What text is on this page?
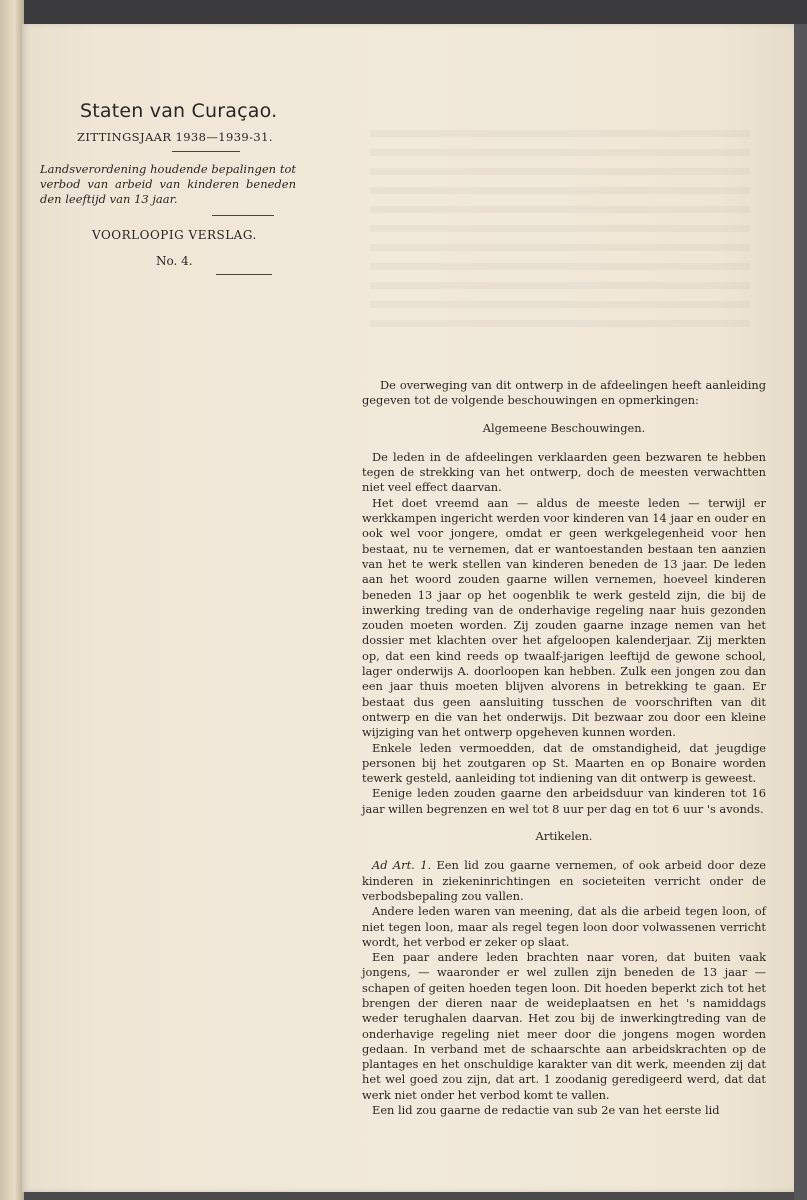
Staten van Curaçao.
ZITTINGSJAAR 1938—1939-31.
Landsverordening houdende bepalingen tot verbod van arbeid van kinderen beneden den leeftijd van 13 jaar.
VOORLOOPIG VERSLAG.
No. 4.

De overweging van dit ontwerp in de afdeelingen heeft aanleiding gegeven tot de volgende beschouwingen en opmerkingen:

Algemeene Beschouwingen.

De leden in de afdeelingen verklaarden geen bezwaren te hebben tegen de strekking van het ontwerp, doch de meesten verwachtten niet veel effect daarvan.

Het doet vreemd aan — aldus de meeste leden — terwijl er werkkampen ingericht werden voor kinderen van 14 jaar en ouder en ook wel voor jongere, omdat er geen werkgelegenheid voor hen bestaat, nu te vernemen, dat er wantoestanden bestaan ten aanzien van het te werk stellen van kinderen beneden de 13 jaar. De leden aan het woord zouden gaarne willen vernemen, hoeveel kinderen beneden 13 jaar op het oogenblik te werk gesteld zijn, die bij de inwerking treding van de onderhavige regeling naar huis gezonden zouden moeten worden. Zij zouden gaarne inzage nemen van het dossier met klachten over het afgeloopen kalenderjaar. Zij merkten op, dat een kind reeds op twaalf-jarigen leeftijd de gewone school, lager onderwijs A. doorloopen kan hebben. Zulk een jongen zou dan een jaar thuis moeten blijven alvorens in betrekking te gaan. Er bestaat dus geen aansluiting tusschen de voorschriften van dit ontwerp en die van het onderwijs. Dit bezwaar zou door een kleine wijziging van het ontwerp opgeheven kunnen worden.

Enkele leden vermoedden, dat de omstandigheid, dat jeugdige personen bij het zoutgaren op St. Maarten en op Bonaire worden tewerk gesteld, aanleiding tot indiening van dit ontwerp is geweest.

Eenige leden zouden gaarne den arbeidsduur van kinderen tot 16 jaar willen begrenzen en wel tot 8 uur per dag en tot 6 uur 's avonds.

Artikelen.

Ad Art. 1. Een lid zou gaarne vernemen, of ook arbeid door deze kinderen in ziekeninrichtingen en societeiten verricht onder de verbodsbepaling zou vallen.

Andere leden waren van meening, dat als die arbeid tegen loon, of niet tegen loon, maar als regel tegen loon door volwassenen verricht wordt, het verbod er zeker op slaat.

Een paar andere leden brachten naar voren, dat buiten vaak jongens, — waaronder er wel zullen zijn beneden de 13 jaar — schapen of geiten hoeden tegen loon. Dit hoeden beperkt zich tot het brengen der dieren naar de weideplaatsen en het 's namiddags weder terughalen daarvan. Het zou bij de inwerkingtreding van de onderhavige regeling niet meer door die jongens mogen worden gedaan. In verband met de schaarschte aan arbeidskrachten op de plantages en het onschuldige karakter van dit werk, meenden zij dat het wel goed zou zijn, dat art. 1 zoodanig geredigeerd werd, dat dat werk niet onder het verbod komt te vallen.

Een lid zou gaarne de redactie van sub 2e van het eerste lid
